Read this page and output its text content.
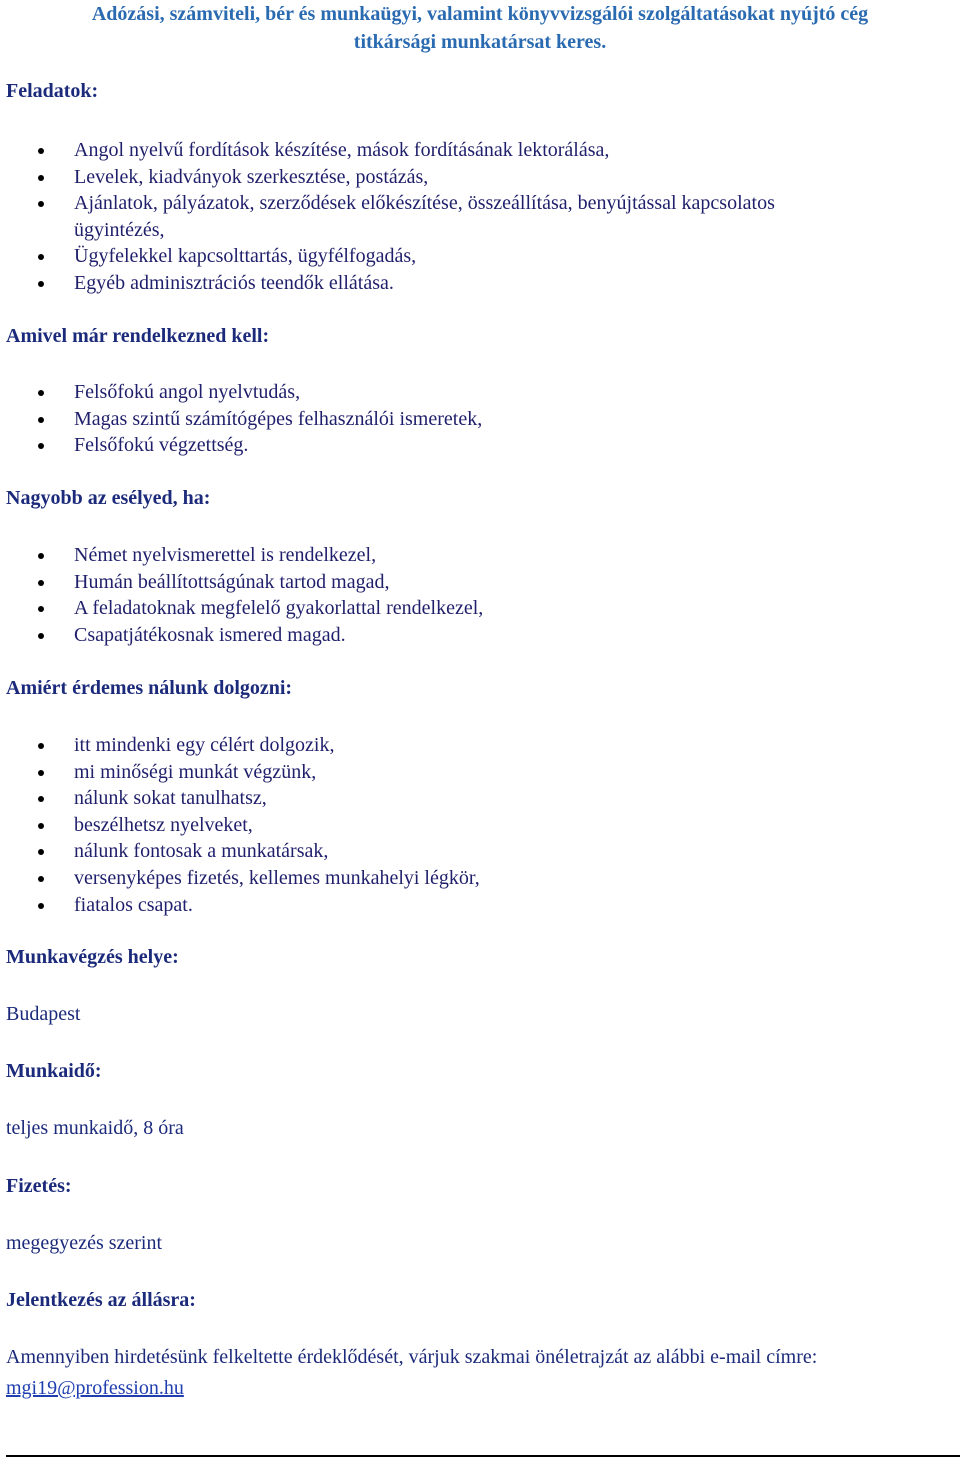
Adózási, számviteli, bér és munkaügyi, valamint könyvvizsgálói szolgáltatásokat nyújtó cég
titkársági munkatársat keres.
Feladatok:
Angol nyelvű fordítások készítése, mások fordításának lektorálása,
Levelek, kiadványok szerkesztése, postázás,
Ajánlatok, pályázatok, szerződések előkészítése, összeállítása, benyújtással kapcsolatos
ügyintézés,
Ügyfelekkel kapcsolttartás, ügyfélfogadás,
Egyéb adminisztrációs teendők ellátása.
Amivel már rendelkezned kell:
Felsőfokú angol nyelvtudás,
Magas szintű számítógépes felhasználói ismeretek,
Felsőfokú végzettség.
Nagyobb az esélyed, ha:
Német nyelvismerettel is rendelkezel,
Humán beállítottságúnak tartod magad,
A feladatoknak megfelelő gyakorlattal rendelkezel,
Csapatjátékosnak ismered magad.
Amiért érdemes nálunk dolgozni:
itt mindenki egy célért dolgozik,
mi minőségi munkát végzünk,
nálunk sokat tanulhatsz,
beszélhetsz nyelveket,
nálunk fontosak a munkatársak,
versenyképes fizetés, kellemes munkahelyi légkör,
fiatalos csapat.
Munkavégzés helye:

Budapest

Munkaidő:

teljes munkaidő, 8 óra

Fizetés:

megegyezés szerint

Jelentkezés az állásra:

Amennyiben hirdetésünk felkeltette érdeklődését, várjuk szakmai önéletrajzát az alábbi e-mail címre:

mgi19@profession.hu
